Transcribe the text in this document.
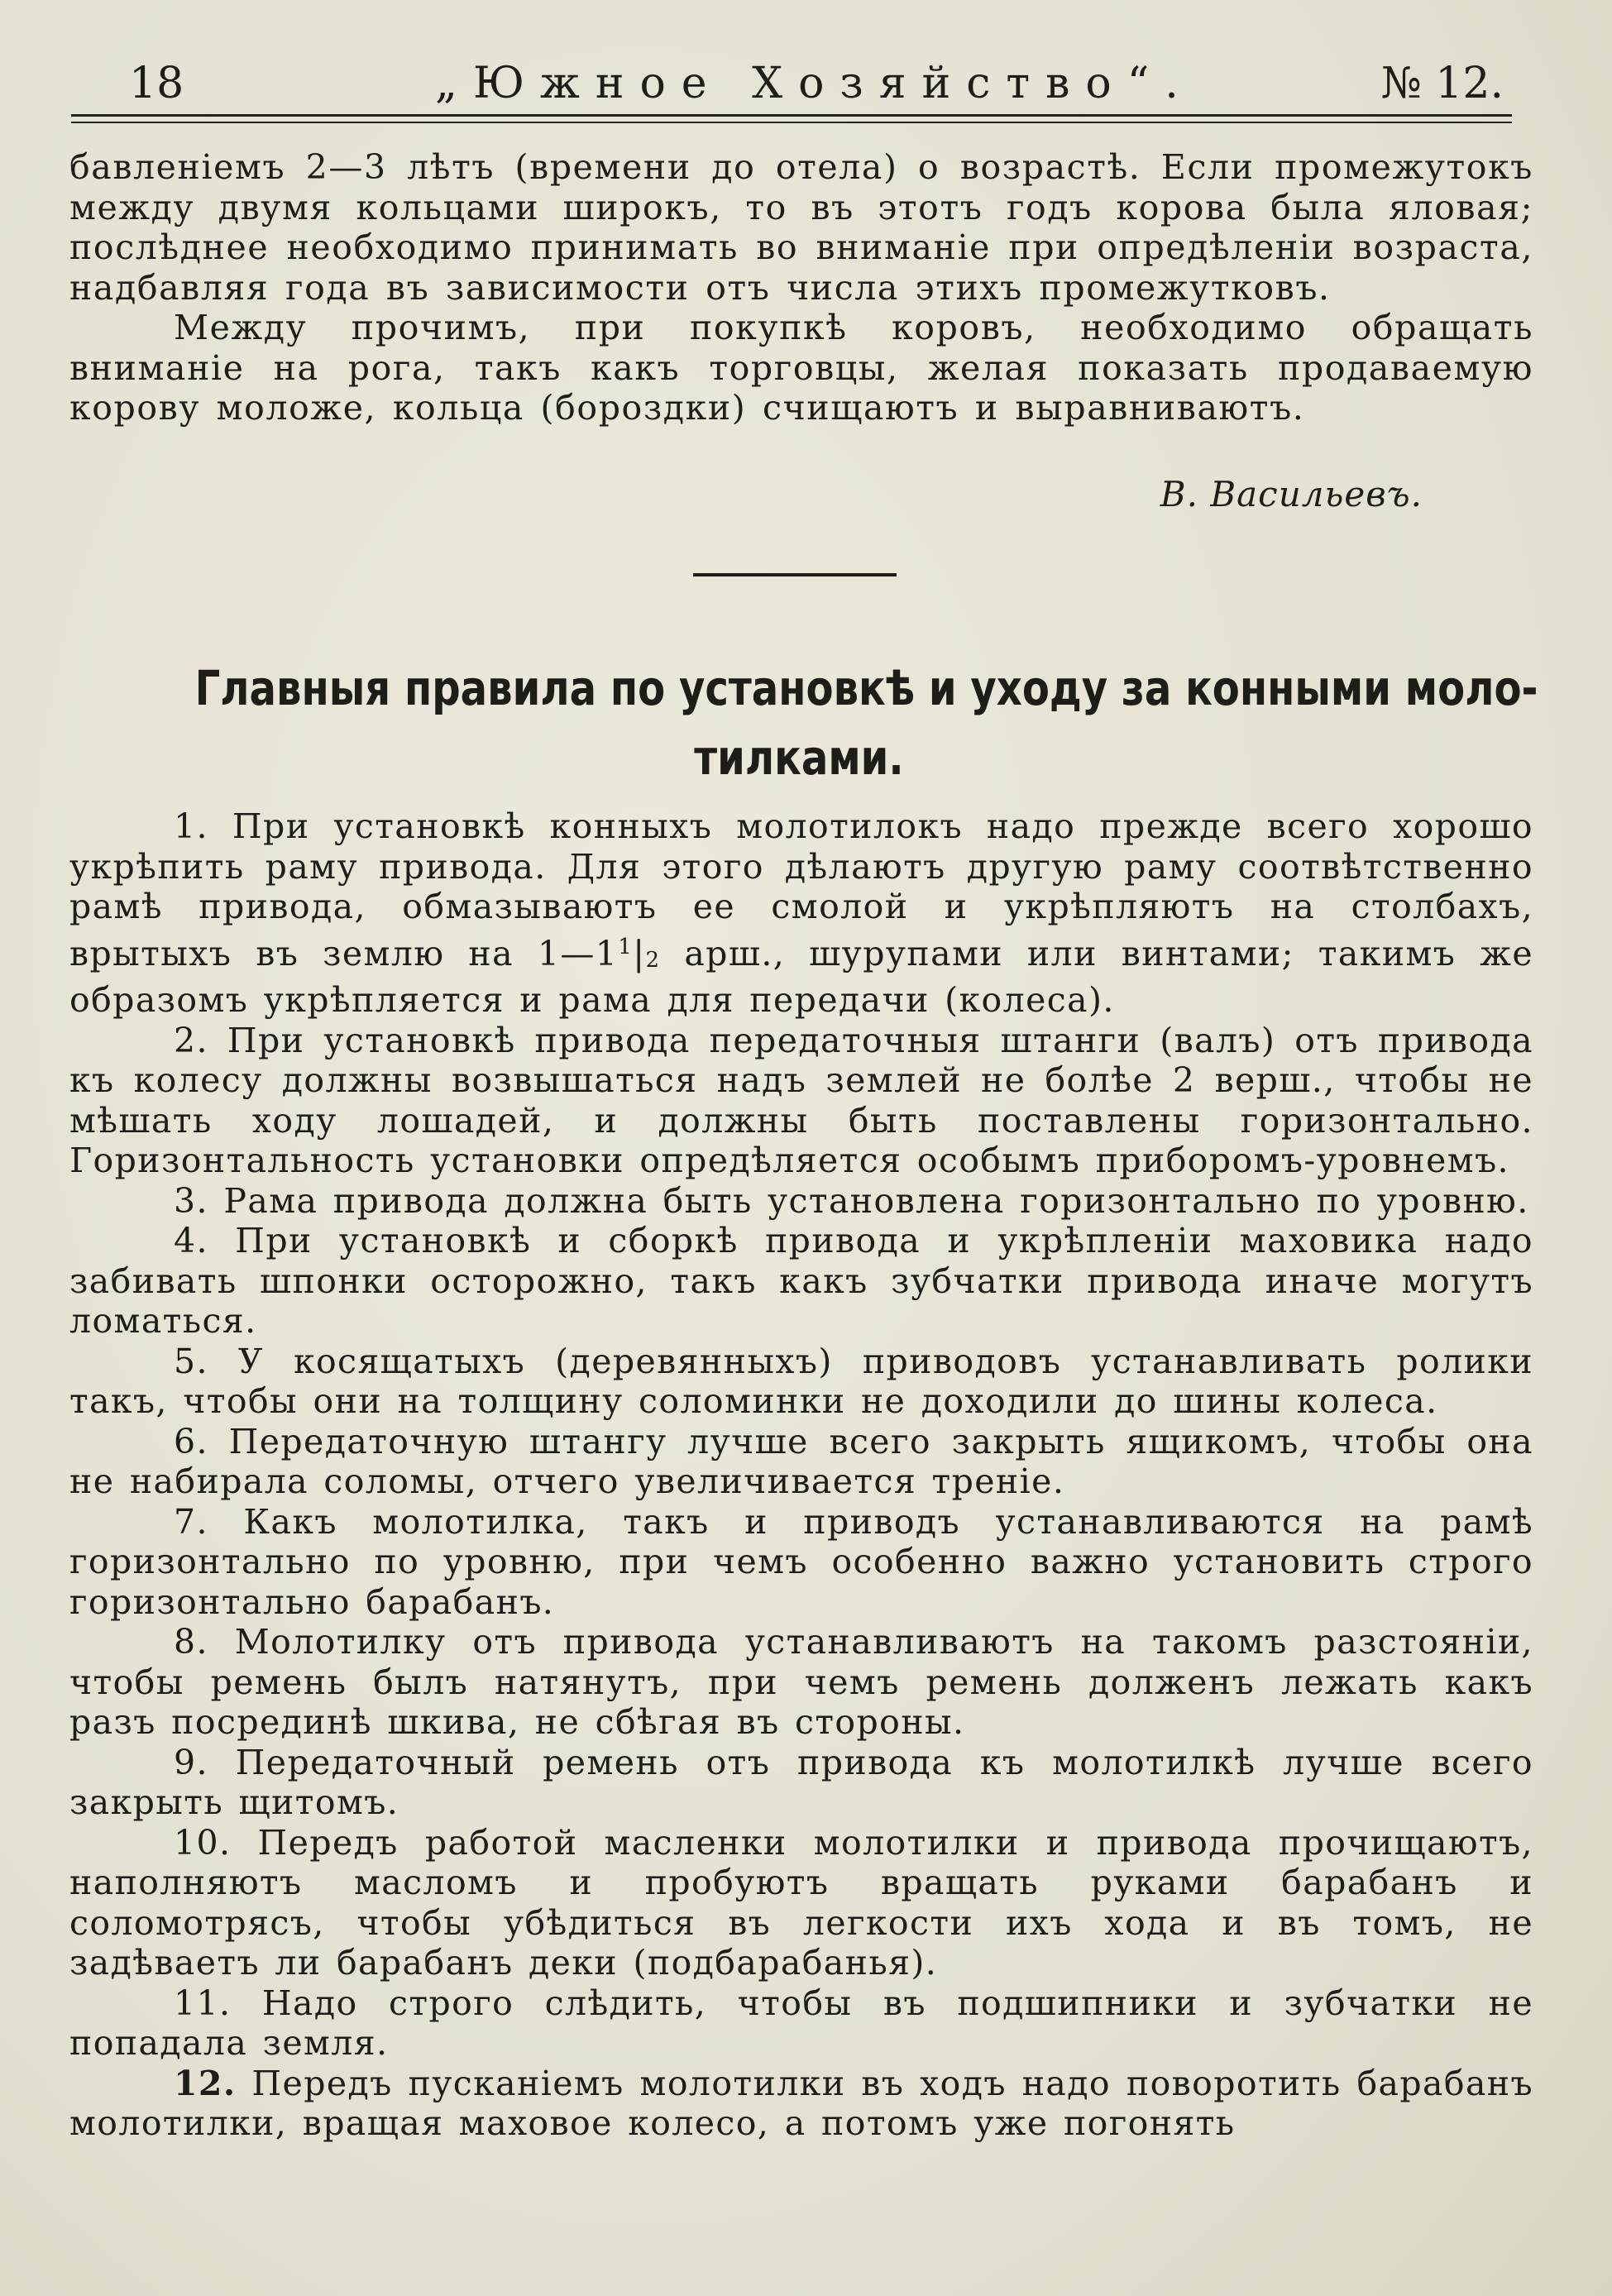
18	„Южное Хозяйство“.	№ 12.

бавленіемъ 2—3 лѣтъ (времени до отела) о возрастѣ. Если промежутокъ между двумя кольцами широкъ, то въ этотъ годъ корова была яловая; послѣднее необходимо принимать во вниманіе при опредѣленіи возраста, надбавляя года въ зависимости отъ числа этихъ промежутковъ.

Между прочимъ, при покупкѣ коровъ, необходимо обращать вниманіе на рога, такъ какъ торговцы, желая показать продаваемую корову моложе, кольца (бороздки) счищаютъ и выравниваютъ.

В. Васильевъ.
Главныя правила по установкѣ и уходу за конными моло-
тилками.

1. При установкѣ конныхъ молотилокъ надо прежде всего хорошо укрѣпить раму привода. Для этого дѣлаютъ другую раму соотвѣтственно рамѣ привода, обмазываютъ ее смолой и укрѣпляютъ на столбахъ, врытыхъ въ землю на $1—1^1|_2$ арш., шурупами или винтами; такимъ же образомъ укрѣпляется и рама для передачи (колеса).

2. При установкѣ привода передаточныя штанги (валъ) отъ привода къ колесу должны возвышаться надъ землей не болѣе 2 верш., чтобы не мѣшать ходу лошадей, и должны быть поставлены горизонтально. Горизонтальность установки опредѣляется особымъ приборомъ-уровнемъ.

3. Рама привода должна быть установлена горизонтально по уровню.

4. При установкѣ и сборкѣ привода и укрѣпленіи маховика надо забивать шпонки осторожно, такъ какъ зубчатки привода иначе могутъ ломаться.

5. У косящатыхъ (деревянныхъ) приводовъ устанавливать ролики такъ, чтобы они на толщину соломинки не доходили до шины колеса.

6. Передаточную штангу лучше всего закрыть ящикомъ, чтобы она не набирала соломы, отчего увеличивается треніе.

7. Какъ молотилка, такъ и приводъ устанавливаются на рамѣ горизонтально по уровню, при чемъ особенно важно установить строго горизонтально барабанъ.

8. Молотилку отъ привода устанавливаютъ на такомъ разстояніи, чтобы ремень былъ натянутъ, при чемъ ремень долженъ лежать какъ разъ посрединѣ шкива, не сбѣгая въ стороны.

9. Передаточный ремень отъ привода къ молотилкѣ лучше всего закрыть щитомъ.

10. Передъ работой масленки молотилки и привода прочищаютъ, наполняютъ масломъ и пробуютъ вращать руками барабанъ и соломотрясъ, чтобы убѣдиться въ легкости ихъ хода и въ томъ, не задѣваетъ ли барабанъ деки (подбарабанья).

11. Надо строго слѣдить, чтобы въ подшипники и зубчатки не попадала земля.

12. Передъ пусканіемъ молотилки въ ходъ надо поворотить барабанъ молотилки, вращая маховое колесо, а потомъ уже погонять
